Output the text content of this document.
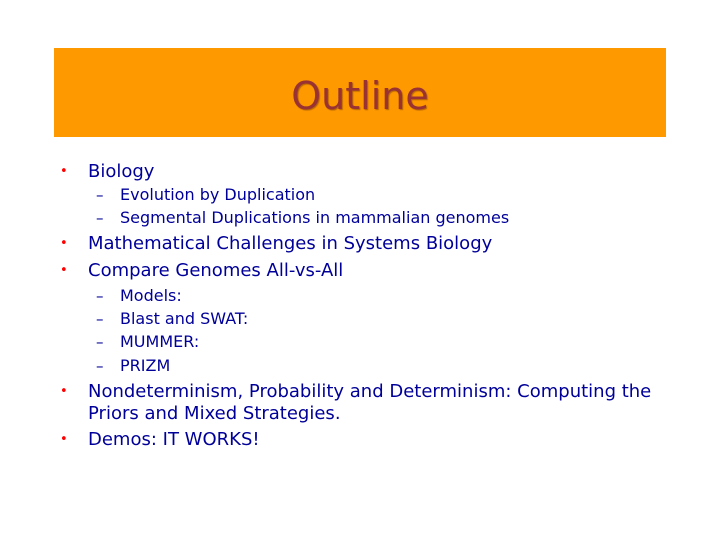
Outline
• Biology
– Evolution by Duplication
– Segmental Duplications in mammalian genomes
• Mathematical Challenges in Systems Biology
• Compare Genomes All-vs-All
– Models:
– Blast and SWAT:
– MUMMER:
– PRIZM
• Nondeterminism, Probability and Determinism: Computing the
Priors and Mixed Strategies.
• Demos: IT WORKS!
